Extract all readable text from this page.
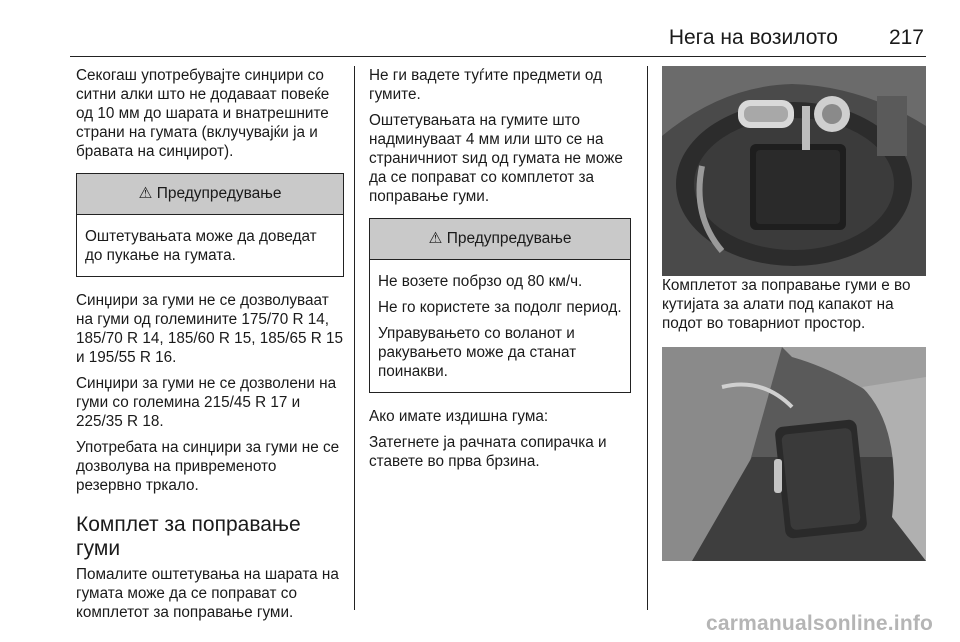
Нега на возилото 217

Секогаш употребувајте синџири со ситни алки што не додаваат повеќе од 10 мм до шарата и внатрешните страни на гумата (вклучувајќи ја и бравата на синџирот).

⚠ Предупредување

Оштетувањата може да доведат до пукање на гумата.

Синџири за гуми не се дозволуваат на гуми од големините 175/70 R 14, 185/70 R 14, 185/60 R 15, 185/65 R 15 и 195/55 R 16.

Синџири за гуми не се дозволени на гуми со големина 215/45 R 17 и 225/35 R 18.

Употребата на синџири за гуми не се дозволува на привременото резервно тркало.

Комплет за поправање гуми

Помалите оштетувања на шарата на гумата може да се поправат со комплетот за поправање гуми.

Не ги вадете туѓите предмети од гумите.

Оштетувањата на гумите што надминуваат 4 мм или што се на страничниот ѕид од гумата не може да се поправат со комплетот за поправање гуми.

⚠ Предупредување

Не возете побрзо од 80 км/ч.

Не го користете за подолг период.

Управувањето со воланот и ракувањето може да станат поинакви.

Ако имате издишна гума:

Затегнете ја рачната сопирачка и ставете во прва брзина.

Комплетот за поправање гуми е во кутијата за алати под капакот на подот во товарниот простор.

carmanualsonline.info
